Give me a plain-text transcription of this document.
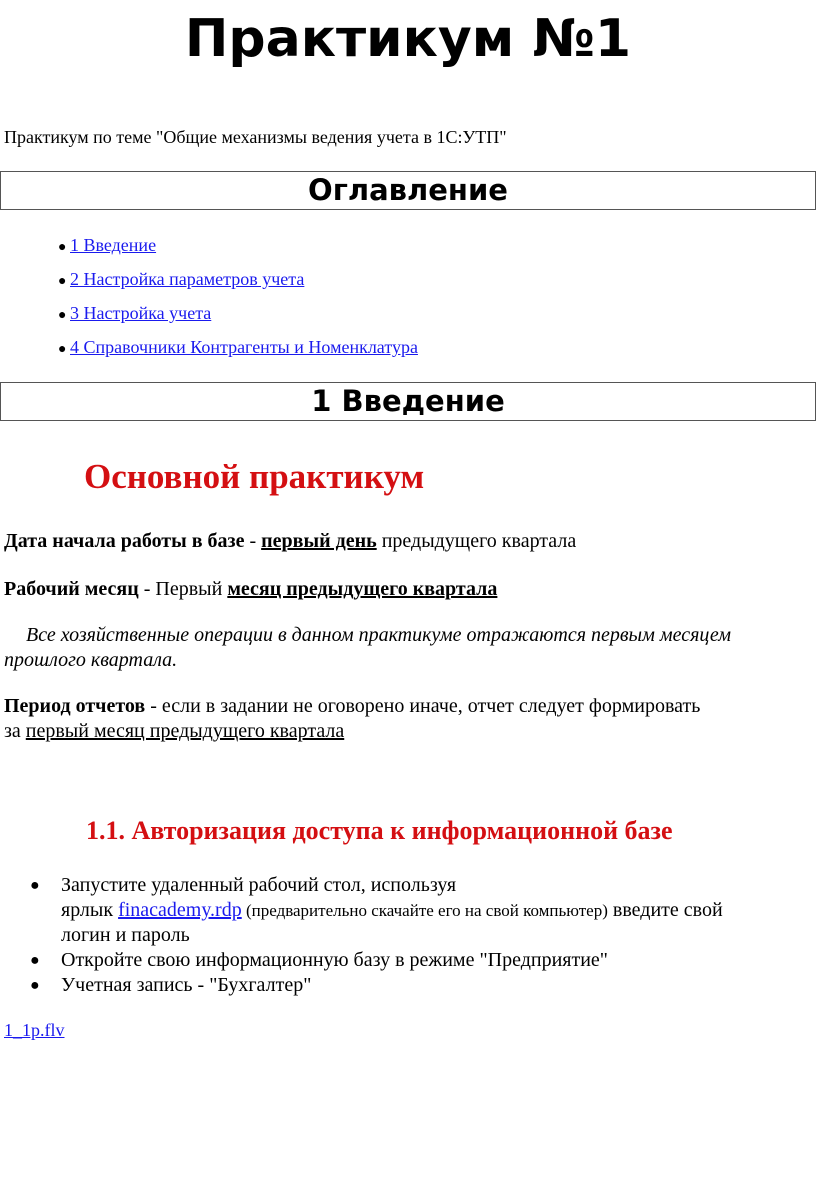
Практикум №1
Практикум по теме "Общие механизмы ведения учета в 1С:УТП"
Оглавление
● 1 Введение
● 2 Настройка параметров учета
● 3 Настройка учета
● 4 Справочники Контрагенты и Номенклатура
1 Введение
Основной практикум
Дата начала работы в базе - первый день предыдущего квартала
Рабочий месяц - Первый месяц предыдущего квартала
Все хозяйственные операции в данном практикуме отражаются первым месяцем
прошлого квартала.
Период отчетов - если в задании не оговорено иначе, отчет следует формировать
за первый месяц предыдущего квартала
1.1. Авторизация доступа к информационной базе
● Запустите удаленный рабочий стол, используя
ярлык finacademy.rdp (предварительно скачайте его на свой компьютер) введите свой
логин и пароль
● Откройте свою информационную базу в режиме "Предприятие"
● Учетная запись - "Бухгалтер"
1_1p.flv
